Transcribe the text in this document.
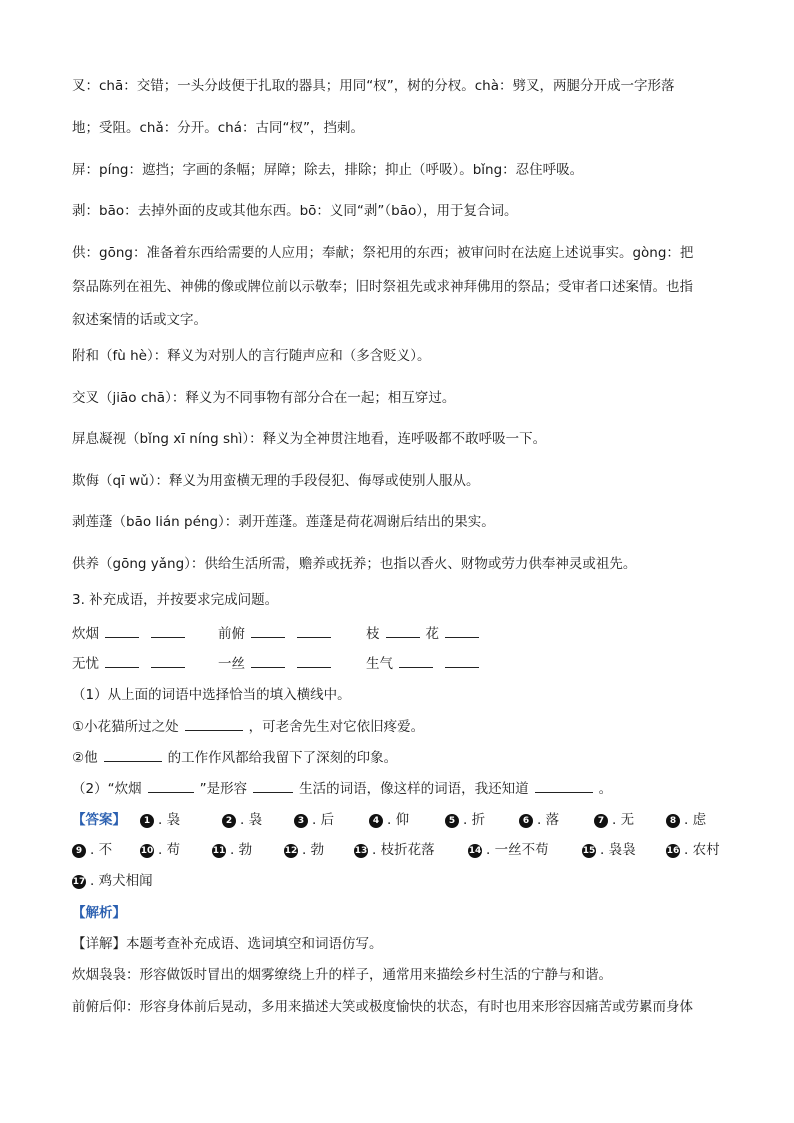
叉：chā：交错；一头分歧便于扎取的器具；用同“杈”，树的分杈。chà：劈叉，两腿分开成一字形落
地；受阻。chǎ：分开。chá：古同“杈”，挡刺。
屏：píng：遮挡；字画的条幅；屏障；除去，排除；抑止（呼吸）。bǐng：忍住呼吸。
剥：bāo：去掉外面的皮或其他东西。bō：义同“剥”（bāo），用于复合词。
供：gōng：准备着东西给需要的人应用；奉献；祭祀用的东西；被审问时在法庭上述说事实。gòng：把
祭品陈列在祖先、神佛的像或牌位前以示敬奉；旧时祭祖先或求神拜佛用的祭品；受审者口述案情。也指
叙述案情的话或文字。
附和（fù hè）：释义为对别人的言行随声应和（多含贬义）。
交叉（jiāo chā）：释义为不同事物有部分合在一起；相互穿过。
屏息凝视（bǐng xī níng shì）：释义为全神贯注地看，连呼吸都不敢呼吸一下。
欺侮（qī wǔ）：释义为用蛮横无理的手段侵犯、侮辱或使别人服从。
剥莲蓬（bāo lián péng）：剥开莲蓬。莲蓬是荷花凋谢后结出的果实。
供养（gōng yǎng）：供给生活所需，赡养或抚养；也指以香火、财物或劳力供奉神灵或祖先。
3. 补充成语，并按要求完成问题。
炊烟	前俯	枝	花
无忧	一丝	生气
（1）从上面的词语中选择恰当的填入横线中。
①小花猫所过之处	，可老舍先生对它依旧疼爱。
②他	的工作作风都给我留下了深刻的印象。
（2）“炊烟	”是形容	生活的词语，像这样的词语，我还知道	。
【答案】	1 . 袅	2 . 袅	3 . 后	4 . 仰	5 . 折	6 . 落	7 . 无	8 . 虑
9 . 不	10 . 苟	11 . 勃	12 . 勃	13 . 枝折花落	14 . 一丝不苟	15 . 袅袅	16 . 农村
17 . 鸡犬相闻
【解析】
【详解】本题考查补充成语、选词填空和词语仿写。
炊烟袅袅：形容做饭时冒出的烟雾缭绕上升的样子，通常用来描绘乡村生活的宁静与和谐。
前俯后仰：形容身体前后晃动，多用来描述大笑或极度愉快的状态，有时也用来形容因痛苦或劳累而身体
